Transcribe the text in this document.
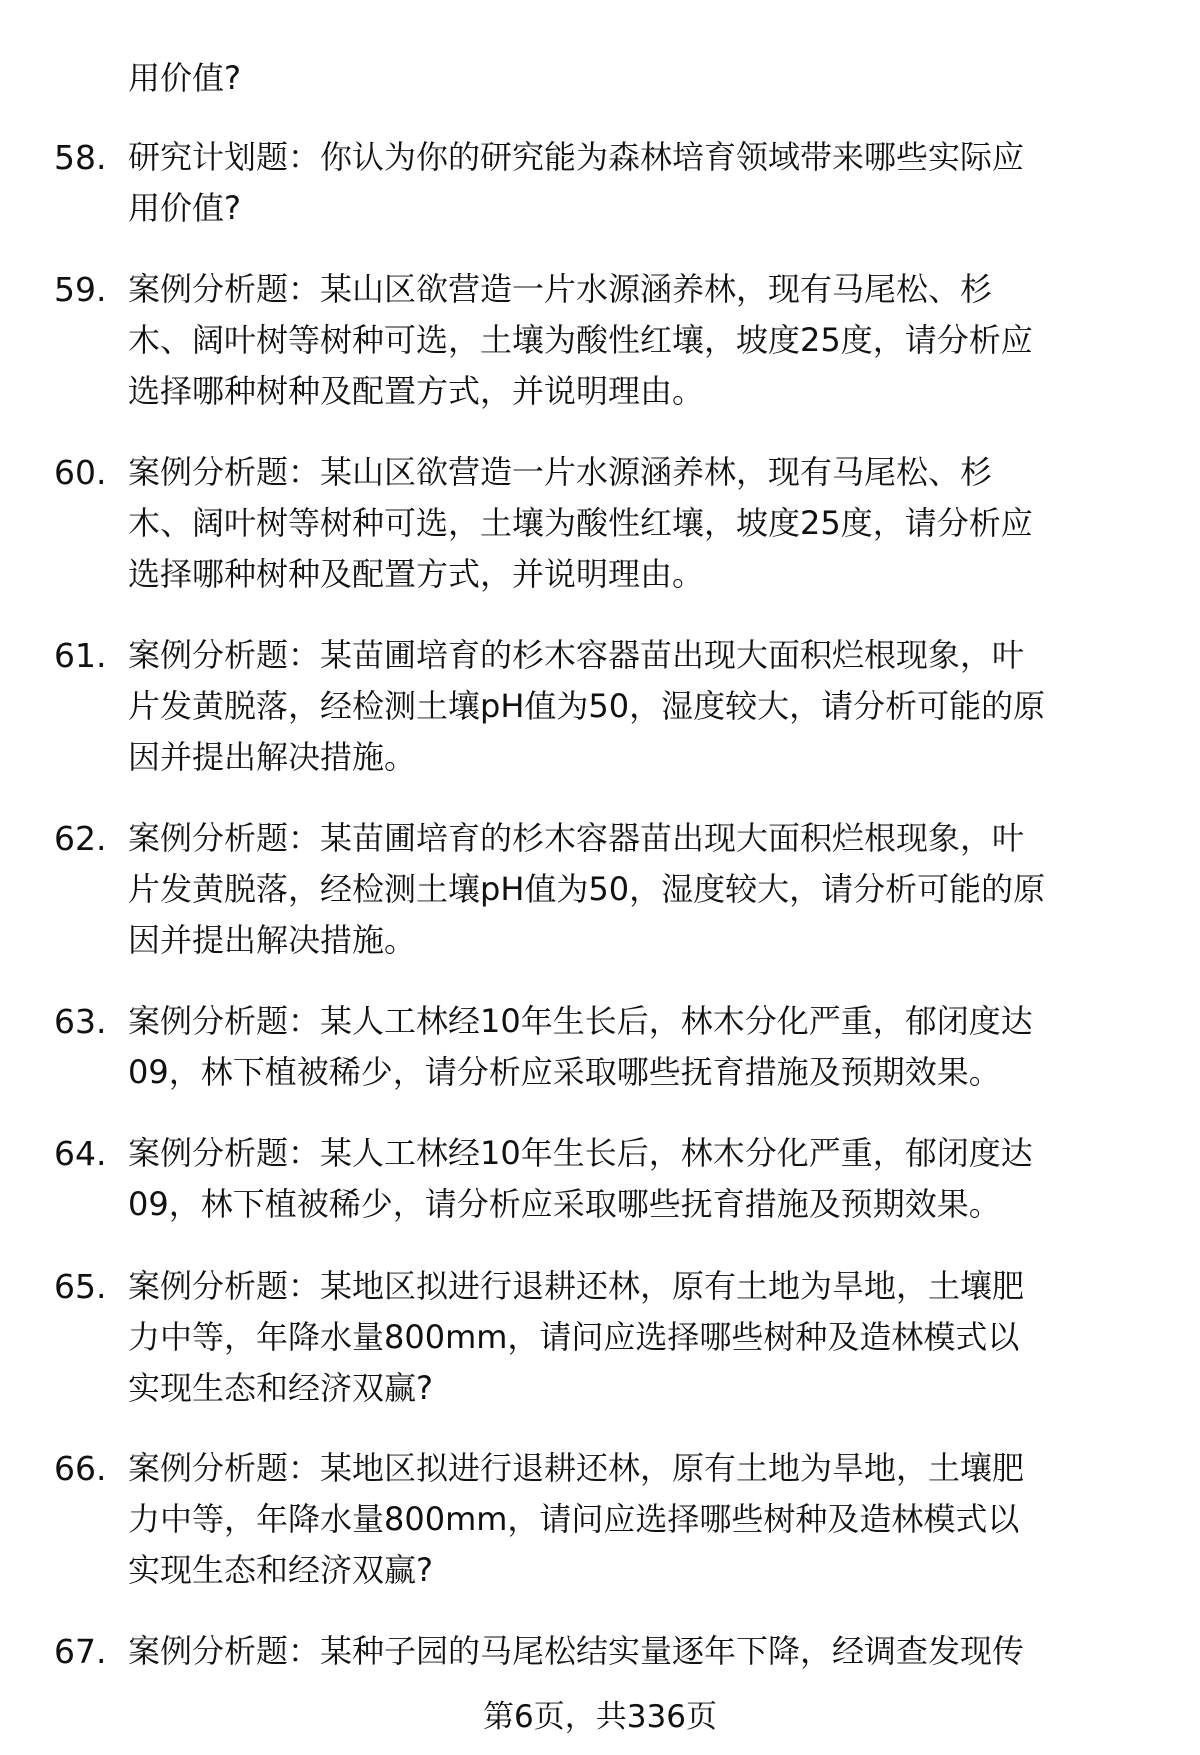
用价值?
58. 研究计划题：你认为你的研究能为森林培育领域带来哪些实际应
用价值?
59. 案例分析题：某山区欲营造一片水源涵养林，现有马尾松、杉
木、阔叶树等树种可选，土壤为酸性红壤，坡度25度，请分析应
选择哪种树种及配置方式，并说明理由。
60. 案例分析题：某山区欲营造一片水源涵养林，现有马尾松、杉
木、阔叶树等树种可选，土壤为酸性红壤，坡度25度，请分析应
选择哪种树种及配置方式，并说明理由。
61. 案例分析题：某苗圃培育的杉木容器苗出现大面积烂根现象，叶
片发黄脱落，经检测土壤pH值为50，湿度较大，请分析可能的原
因并提出解决措施。
62. 案例分析题：某苗圃培育的杉木容器苗出现大面积烂根现象，叶
片发黄脱落，经检测土壤pH值为50，湿度较大，请分析可能的原
因并提出解决措施。
63. 案例分析题：某人工林经10年生长后，林木分化严重，郁闭度达
09，林下植被稀少，请分析应采取哪些抚育措施及预期效果。
64. 案例分析题：某人工林经10年生长后，林木分化严重，郁闭度达
09，林下植被稀少，请分析应采取哪些抚育措施及预期效果。
65. 案例分析题：某地区拟进行退耕还林，原有土地为旱地，土壤肥
力中等，年降水量800mm，请问应选择哪些树种及造林模式以
实现生态和经济双赢?
66. 案例分析题：某地区拟进行退耕还林，原有土地为旱地，土壤肥
力中等，年降水量800mm，请问应选择哪些树种及造林模式以
实现生态和经济双赢?
67. 案例分析题：某种子园的马尾松结实量逐年下降，经调查发现传
第6页，共336页
